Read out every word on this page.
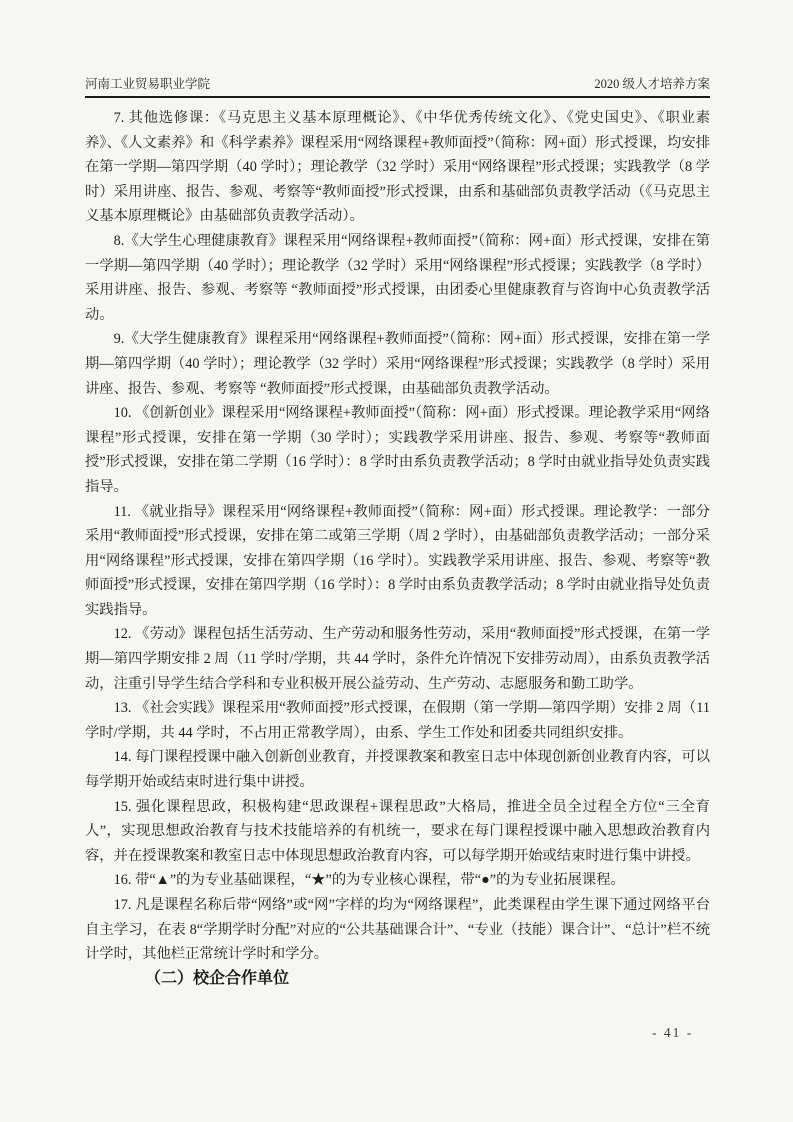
河南工业贸易职业学院	2020 级人才培养方案

7. 其他选修课：《马克思主义基本原理概论》、《中华优秀传统文化》、《党史国史》、《职业素养》、《人文素养》和《科学素养》课程采用“网络课程+教师面授”（简称：网+面）形式授课，均安排在第一学期—第四学期（40 学时）；理论教学（32 学时）采用“网络课程”形式授课；实践教学（8 学时）采用讲座、报告、参观、考察等“教师面授”形式授课，由系和基础部负责教学活动（《马克思主义基本原理概论》由基础部负责教学活动）。

8.《大学生心理健康教育》课程采用“网络课程+教师面授”（简称：网+面）形式授课，安排在第一学期—第四学期（40 学时）；理论教学（32 学时）采用“网络课程”形式授课；实践教学（8 学时）采用讲座、报告、参观、考察等 “教师面授”形式授课，由团委心里健康教育与咨询中心负责教学活动。

9.《大学生健康教育》课程采用“网络课程+教师面授”（简称：网+面）形式授课，安排在第一学期—第四学期（40 学时）；理论教学（32 学时）采用“网络课程”形式授课；实践教学（8 学时）采用讲座、报告、参观、考察等 “教师面授”形式授课，由基础部负责教学活动。

10. 《创新创业》课程采用“网络课程+教师面授”（简称：网+面）形式授课。理论教学采用“网络课程”形式授课，安排在第一学期（30 学时）；实践教学采用讲座、报告、参观、考察等“教师面授”形式授课，安排在第二学期（16 学时）：8 学时由系负责教学活动；8 学时由就业指导处负责实践指导。

11. 《就业指导》课程采用“网络课程+教师面授”（简称：网+面）形式授课。理论教学：一部分采用“教师面授”形式授课，安排在第二或第三学期（周 2 学时），由基础部负责教学活动；一部分采用“网络课程”形式授课，安排在第四学期（16 学时）。实践教学采用讲座、报告、参观、考察等“教师面授”形式授课，安排在第四学期（16 学时）：8 学时由系负责教学活动；8 学时由就业指导处负责实践指导。

12. 《劳动》课程包括生活劳动、生产劳动和服务性劳动，采用“教师面授”形式授课，在第一学期—第四学期安排 2 周（11 学时/学期，共 44 学时，条件允许情况下安排劳动周），由系负责教学活动，注重引导学生结合学科和专业积极开展公益劳动、生产劳动、志愿服务和勤工助学。

13. 《社会实践》课程采用“教师面授”形式授课，在假期（第一学期—第四学期）安排 2 周（11 学时/学期，共 44 学时，不占用正常教学周），由系、学生工作处和团委共同组织安排。

14. 每门课程授课中融入创新创业教育，并授课教案和教室日志中体现创新创业教育内容，可以每学期开始或结束时进行集中讲授。

15. 强化课程思政，积极构建“思政课程+课程思政”大格局，推进全员全过程全方位“三全育人”，实现思想政治教育与技术技能培养的有机统一，要求在每门课程授课中融入思想政治教育内容，并在授课教案和教室日志中体现思想政治教育内容，可以每学期开始或结束时进行集中讲授。

16. 带“▲”的为专业基础课程，“★”的为专业核心课程，带“●”的为专业拓展课程。

17. 凡是课程名称后带“网络”或“网”字样的均为“网络课程”，此类课程由学生课下通过网络平台自主学习，在表 8“学期学时分配”对应的“公共基础课合计”、“专业（技能）课合计”、“总计”栏不统计学时，其他栏正常统计学时和学分。

（二）校企合作单位

- 41 -
